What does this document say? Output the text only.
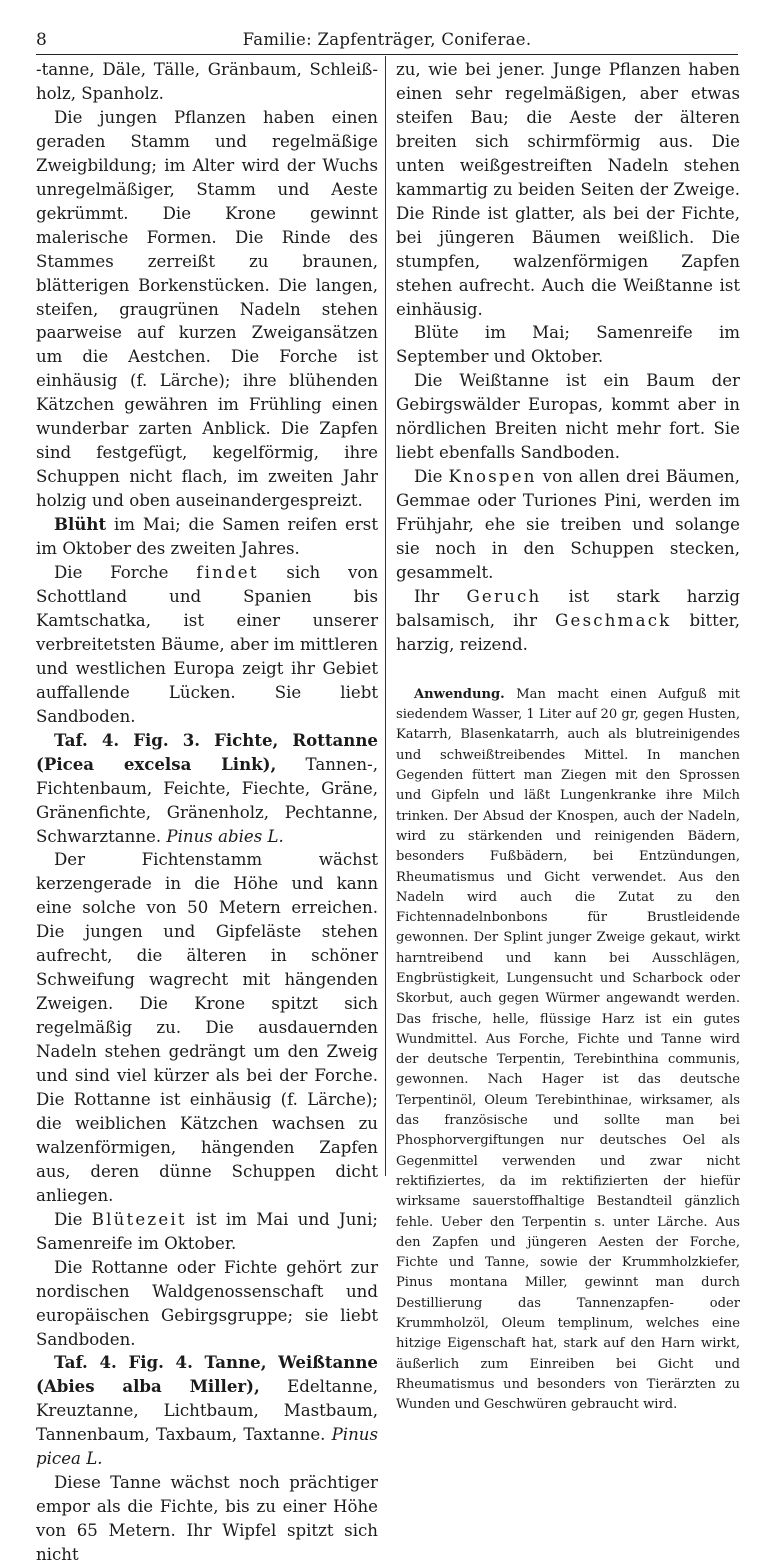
8	Familie: Zapfenträger, Coniferae.

-tanne, Däle, Tälle, Gränbaum, Schleiß-holz, Spanholz.

Die jungen Pflanzen haben einen geraden Stamm und regelmäßige Zweigbildung; im Alter wird der Wuchs unregelmäßiger, Stamm und Aeste gekrümmt. Die Krone gewinnt malerische Formen. Die Rinde des Stammes zerreißt zu braunen, blätterigen Borkenstücken. Die langen, steifen, graugrünen Nadeln stehen paarweise auf kurzen Zweigansätzen um die Aestchen. Die Forche ist einhäusig (f. Lärche); ihre blühenden Kätzchen gewähren im Frühling einen wunderbar zarten Anblick. Die Zapfen sind festgefügt, kegelförmig, ihre Schuppen nicht flach, im zweiten Jahr holzig und oben auseinandergespreizt.

Blüht im Mai; die Samen reifen erst im Oktober des zweiten Jahres.

Die Forche findet sich von Schottland und Spanien bis Kamtschatka, ist einer unserer verbreitetsten Bäume, aber im mittleren und westlichen Europa zeigt ihr Gebiet auffallende Lücken. Sie liebt Sandboden.

Taf. 4. Fig. 3. Fichte, Rottanne (Picea excelsa Link), Tannen-, Fichtenbaum, Feichte, Fiechte, Gräne, Gränenfichte, Gränenholz, Pechtanne, Schwarztanne. Pinus abies L.

Der Fichtenstamm wächst kerzengerade in die Höhe und kann eine solche von 50 Metern erreichen. Die jungen und Gipfeläste stehen aufrecht, die älteren in schöner Schweifung wagrecht mit hängenden Zweigen. Die Krone spitzt sich regelmäßig zu. Die ausdauernden Nadeln stehen gedrängt um den Zweig und sind viel kürzer als bei der Forche. Die Rottanne ist einhäusig (f. Lärche); die weiblichen Kätzchen wachsen zu walzenförmigen, hängenden Zapfen aus, deren dünne Schuppen dicht anliegen.

Die Blütezeit ist im Mai und Juni; Samenreife im Oktober.

Die Rottanne oder Fichte gehört zur nordischen Waldgenossenschaft und europäischen Gebirgsgruppe; sie liebt Sandboden.

Taf. 4. Fig. 4. Tanne, Weißtanne (Abies alba Miller), Edeltanne, Kreuztanne, Lichtbaum, Mastbaum, Tannenbaum, Taxbaum, Taxtanne. Pinus picea L.

Diese Tanne wächst noch prächtiger empor als die Fichte, bis zu einer Höhe von 65 Metern. Ihr Wipfel spitzt sich nicht

zu, wie bei jener. Junge Pflanzen haben einen sehr regelmäßigen, aber etwas steifen Bau; die Aeste der älteren breiten sich schirmförmig aus. Die unten weißgestreiften Nadeln stehen kammartig zu beiden Seiten der Zweige. Die Rinde ist glatter, als bei der Fichte, bei jüngeren Bäumen weißlich. Die stumpfen, walzenförmigen Zapfen stehen aufrecht. Auch die Weißtanne ist einhäusig.

Blüte im Mai; Samenreife im September und Oktober.

Die Weißtanne ist ein Baum der Gebirgswälder Europas, kommt aber in nördlichen Breiten nicht mehr fort. Sie liebt ebenfalls Sandboden.

Die Knospen von allen drei Bäumen, Gemmae oder Turiones Pini, werden im Frühjahr, ehe sie treiben und solange sie noch in den Schuppen stecken, gesammelt.

Ihr Geruch ist stark harzig balsamisch, ihr Geschmack bitter, harzig, reizend.

Anwendung. Man macht einen Aufguß mit siedendem Wasser, 1 Liter auf 20 gr, gegen Husten, Katarrh, Blasenkatarrh, auch als blutreinigendes und schweißtreibendes Mittel. In manchen Gegenden füttert man Ziegen mit den Sprossen und Gipfeln und läßt Lungenkranke ihre Milch trinken. Der Absud der Knospen, auch der Nadeln, wird zu stärkenden und reinigenden Bädern, besonders Fußbädern, bei Entzündungen, Rheumatismus und Gicht verwendet. Aus den Nadeln wird auch die Zutat zu den Fichtennadelnbonbons für Brustleidende gewonnen. Der Splint junger Zweige gekaut, wirkt harntreibend und kann bei Ausschlägen, Engbrüstigkeit, Lungensucht und Scharbock oder Skorbut, auch gegen Würmer angewandt werden. Das frische, helle, flüssige Harz ist ein gutes Wundmittel. Aus Forche, Fichte und Tanne wird der deutsche Terpentin, Terebinthina communis, gewonnen. Nach Hager ist das deutsche Terpentinöl, Oleum Terebinthinae, wirksamer, als das französische und sollte man bei Phosphorvergiftungen nur deutsches Oel als Gegenmittel verwenden und zwar nicht rektifiziertes, da im rektifizierten der hiefür wirksame sauerstoffhaltige Bestandteil gänzlich fehle. Ueber den Terpentin s. unter Lärche. Aus den Zapfen und jüngeren Aesten der Forche, Fichte und Tanne, sowie der Krummholzkiefer, Pinus montana Miller, gewinnt man durch Destillierung das Tannenzapfen- oder Krummholzöl, Oleum templinum, welches eine hitzige Eigenschaft hat, stark auf den Harn wirkt, äußerlich zum Einreiben bei Gicht und Rheumatismus und besonders von Tierärzten zu Wunden und Geschwüren gebraucht wird.
